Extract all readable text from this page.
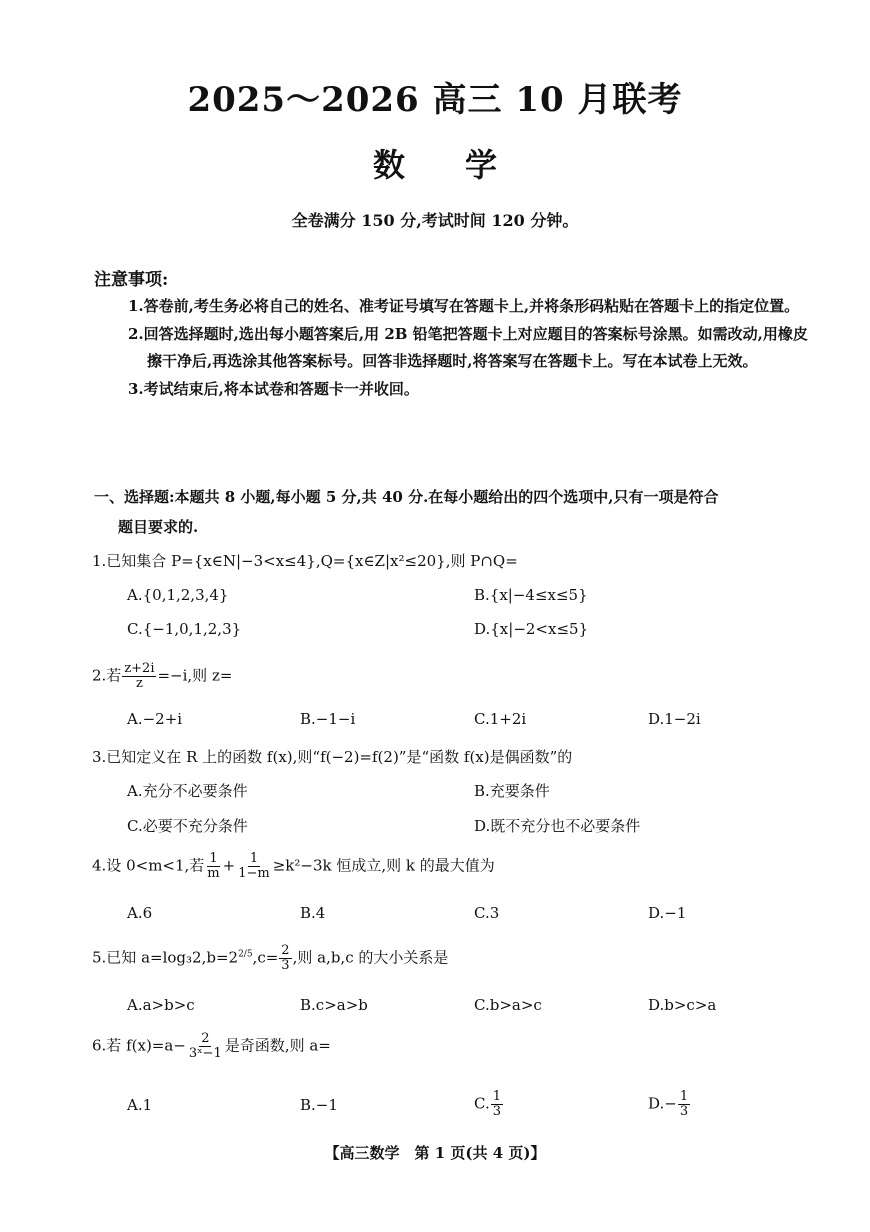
2025～2026 高三 10 月联考
数学
全卷满分 150 分,考试时间 120 分钟。
注意事项:
1.答卷前,考生务必将自己的姓名、准考证号填写在答题卡上,并将条形码粘贴在答题卡上的指定位置。
2.回答选择题时,选出每小题答案后,用 2B 铅笔把答题卡上对应题目的答案标号涂黑。如需改动,用橡皮擦干净后,再选涂其他答案标号。回答非选择题时,将答案写在答题卡上。写在本试卷上无效。
3.考试结束后,将本试卷和答题卡一并收回。
一、选择题:本题共 8 小题,每小题 5 分,共 40 分.在每小题给出的四个选项中,只有一项是符合
题目要求的.
1.已知集合 P={x∈N|−3<x≤4},Q={x∈Z|x²≤20},则 P∩Q=
A.{0,1,2,3,4}	B.{x|−4≤x≤5}
C.{−1,0,1,2,3}	D.{x|−2<x≤5}
2.若 $\frac{z+2i}{z} =-i$,则 z=
A.−2+i	B.−1−i	C.1+2i	D.1−2i
3.已知定义在 R 上的函数 f(x),则“f(−2)=f(2)”是“函数 f(x)是偶函数”的
A.充分不必要条件	B.充要条件
C.必要不充分条件	D.既不充分也不必要条件
4.设 0<m<1,若 $\frac{1}{m} + \frac{1}{1-m} \ge k^2-3k$ 恒成立,则 k 的最大值为
A.6	B.4	C.3	D.−1
5.已知 $a=\log_32,b=2^{2/5},c= \frac{2}{3}$ ,则 a,b,c 的大小关系是
A.a>b>c	B.c>a>b	C.b>a>c	D.b>c>a
6.若 $f(x)=a- \frac{2}{\text{3ˣ−1}}$ 是奇函数,则 a=
A.1	B.−1	C. $\frac{1}{3}$	$D.- \frac{1}{3}$
【高三数学　第 1 页(共 4 页)】
